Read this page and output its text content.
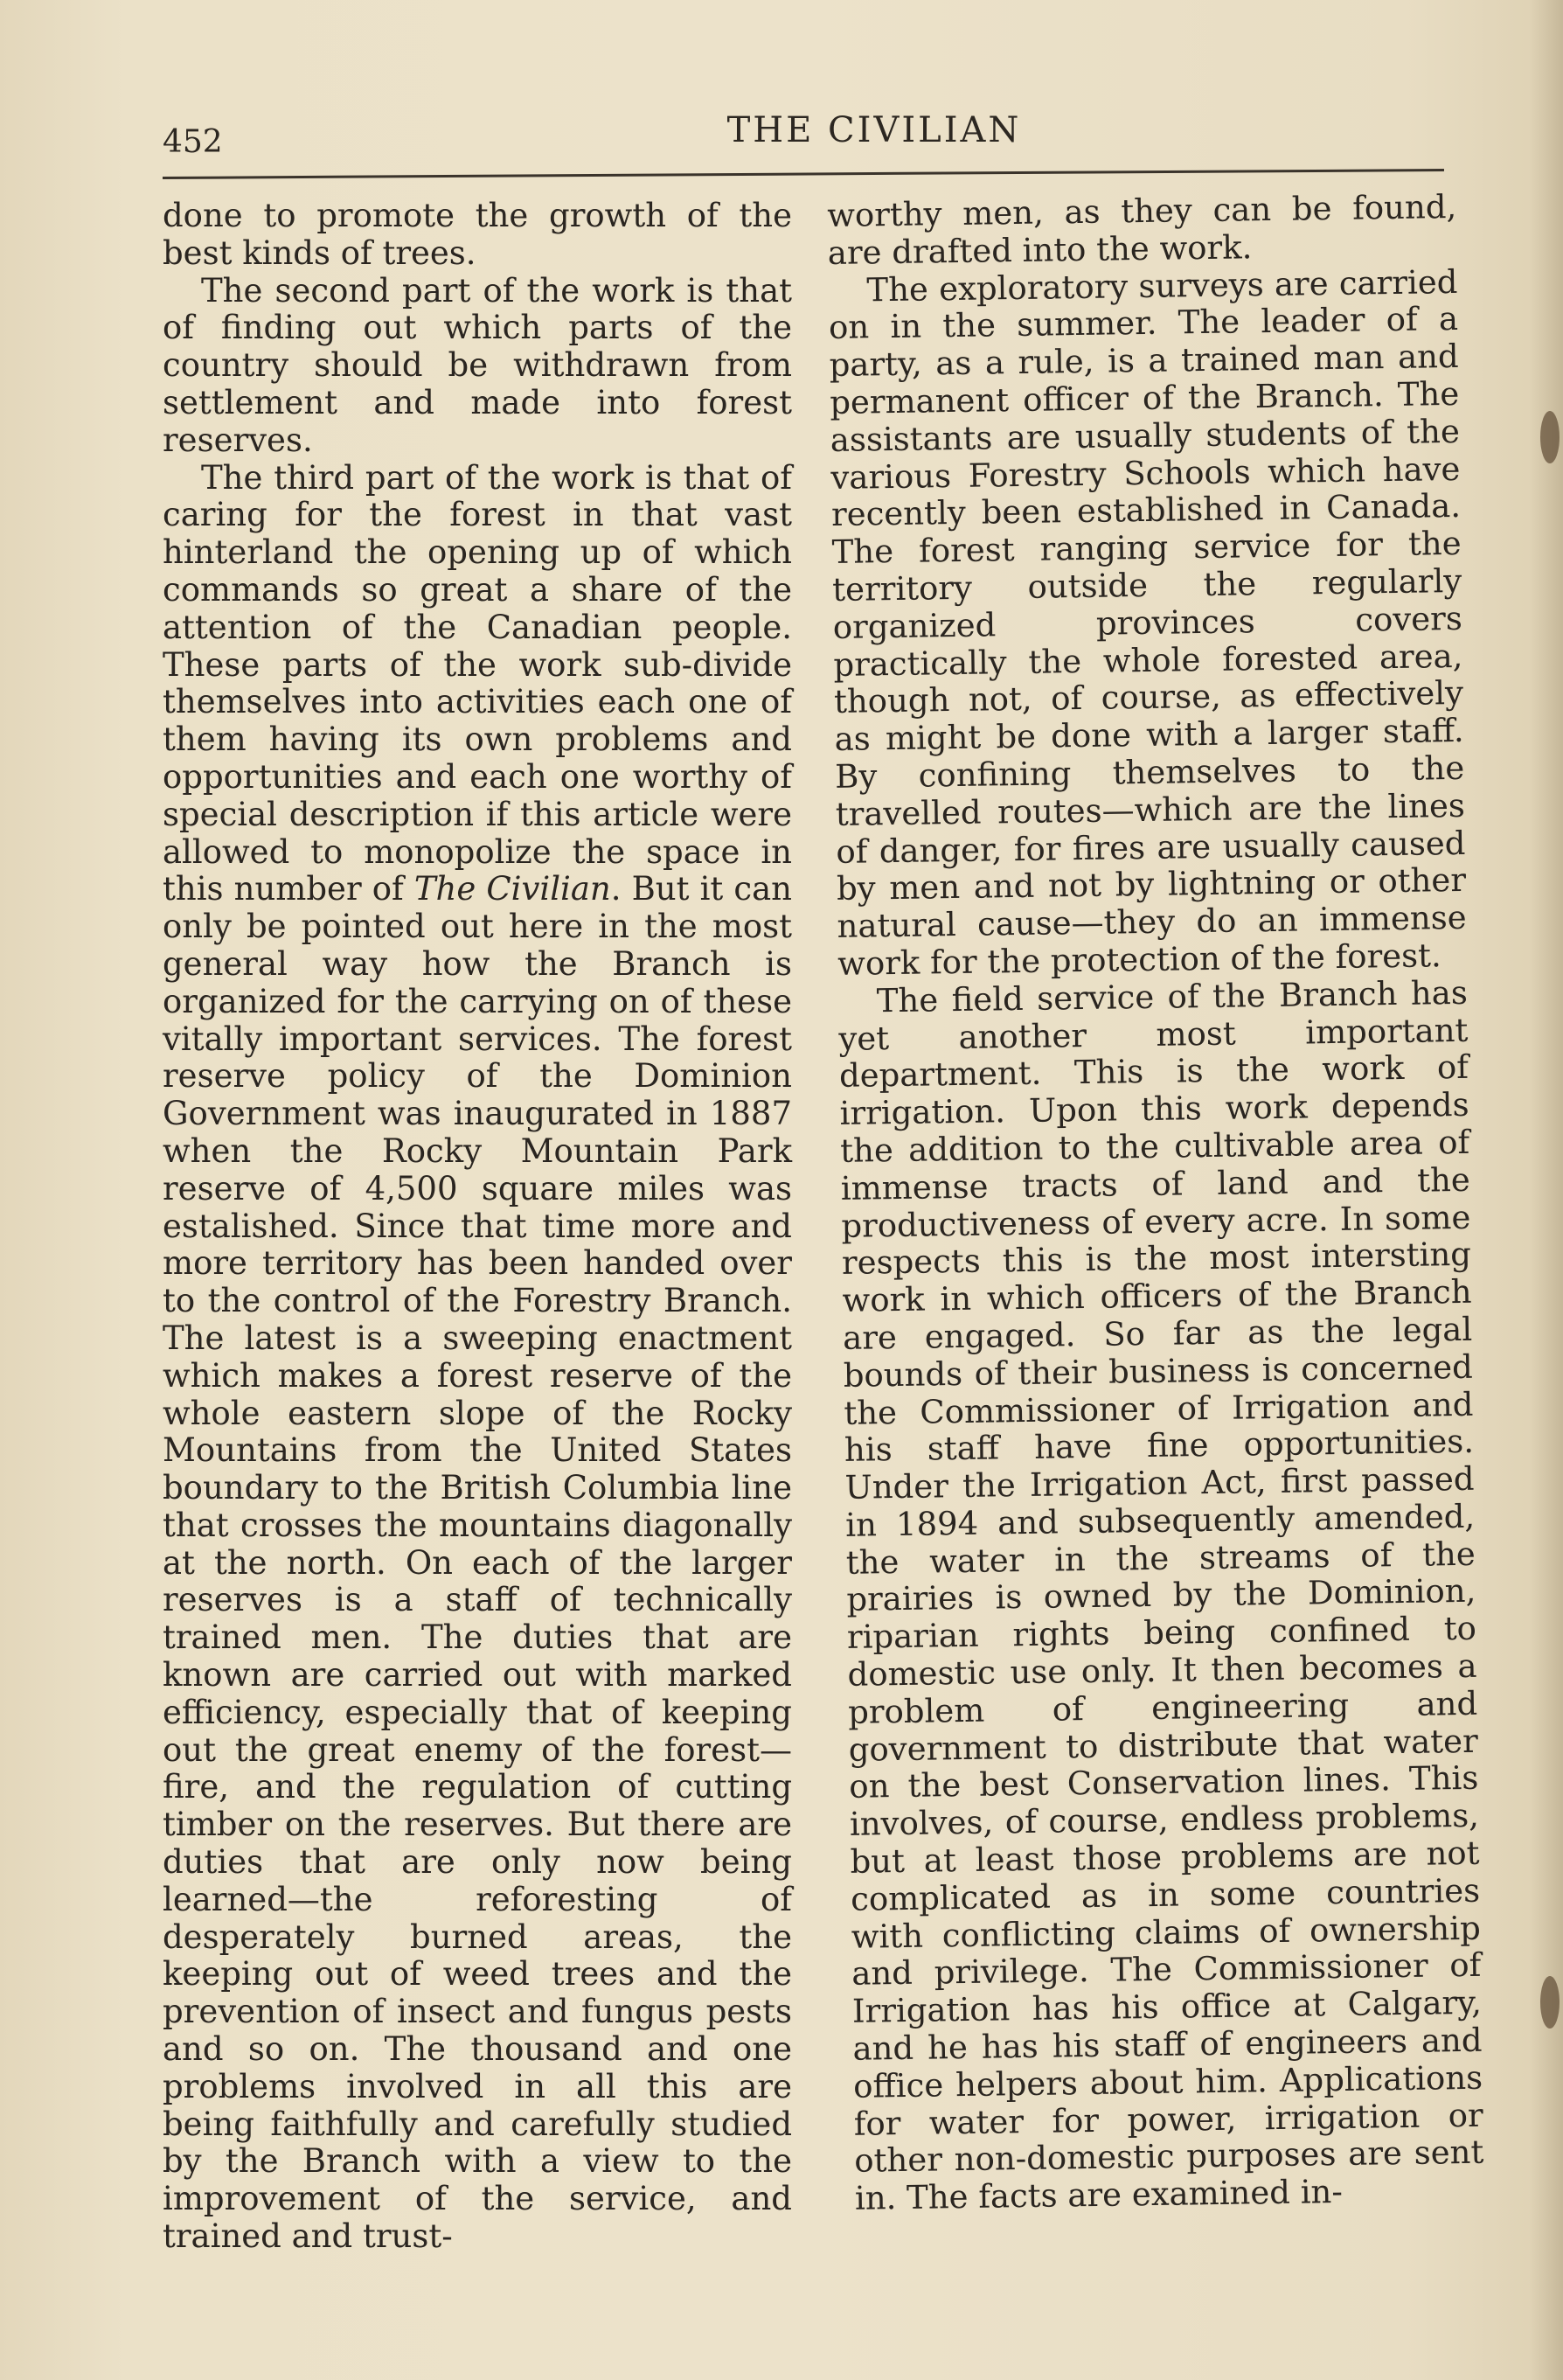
452	THE CIVILIAN

done to promote the growth of the best kinds of trees.

The second part of the work is that of finding out which parts of the country should be withdrawn from settlement and made into forest reserves.

The third part of the work is that of caring for the forest in that vast hinterland the opening up of which commands so great a share of the attention of the Canadian people. These parts of the work sub-divide themselves into activities each one of them having its own problems and opportunities and each one worthy of special description if this article were allowed to monopolize the space in this number of The Civilian. But it can only be pointed out here in the most general way how the Branch is organized for the carrying on of these vitally important services. The forest reserve policy of the Dominion Government was inaugurated in 1887 when the Rocky Mountain Park reserve of 4,500 square miles was estalished. Since that time more and more territory has been handed over to the control of the Forestry Branch. The latest is a sweeping enactment which makes a forest reserve of the whole eastern slope of the Rocky Mountains from the United States boundary to the British Columbia line that crosses the mountains diagonally at the north. On each of the larger reserves is a staff of technically trained men. The duties that are known are carried out with marked efficiency, especially that of keeping out the great enemy of the forest—fire, and the regulation of cutting timber on the reserves. But there are duties that are only now being learned—the reforesting of desperately burned areas, the keeping out of weed trees and the prevention of insect and fungus pests and so on. The thousand and one problems involved in all this are being faithfully and carefully studied by the Branch with a view to the improvement of the service, and trained and trust-

worthy men, as they can be found, are drafted into the work.

The exploratory surveys are carried on in the summer. The leader of a party, as a rule, is a trained man and permanent officer of the Branch. The assistants are usually students of the various Forestry Schools which have recently been established in Canada. The forest ranging service for the territory outside the regularly organized provinces covers practically the whole forested area, though not, of course, as effectively as might be done with a larger staff. By confining themselves to the travelled routes—which are the lines of danger, for fires are usually caused by men and not by lightning or other natural cause—they do an immense work for the protection of the forest.

The field service of the Branch has yet another most important department. This is the work of irrigation. Upon this work depends the addition to the cultivable area of immense tracts of land and the productiveness of every acre. In some respects this is the most intersting work in which officers of the Branch are engaged. So far as the legal bounds of their business is concerned the Commissioner of Irrigation and his staff have fine opportunities. Under the Irrigation Act, first passed in 1894 and subsequently amended, the water in the streams of the prairies is owned by the Dominion, riparian rights being confined to domestic use only. It then becomes a problem of engineering and government to distribute that water on the best Conservation lines. This involves, of course, endless problems, but at least those problems are not complicated as in some countries with conflicting claims of ownership and privilege. The Commissioner of Irrigation has his office at Calgary, and he has his staff of engineers and office helpers about him. Applications for water for power, irrigation or other non-domestic purposes are sent in. The facts are examined in-
